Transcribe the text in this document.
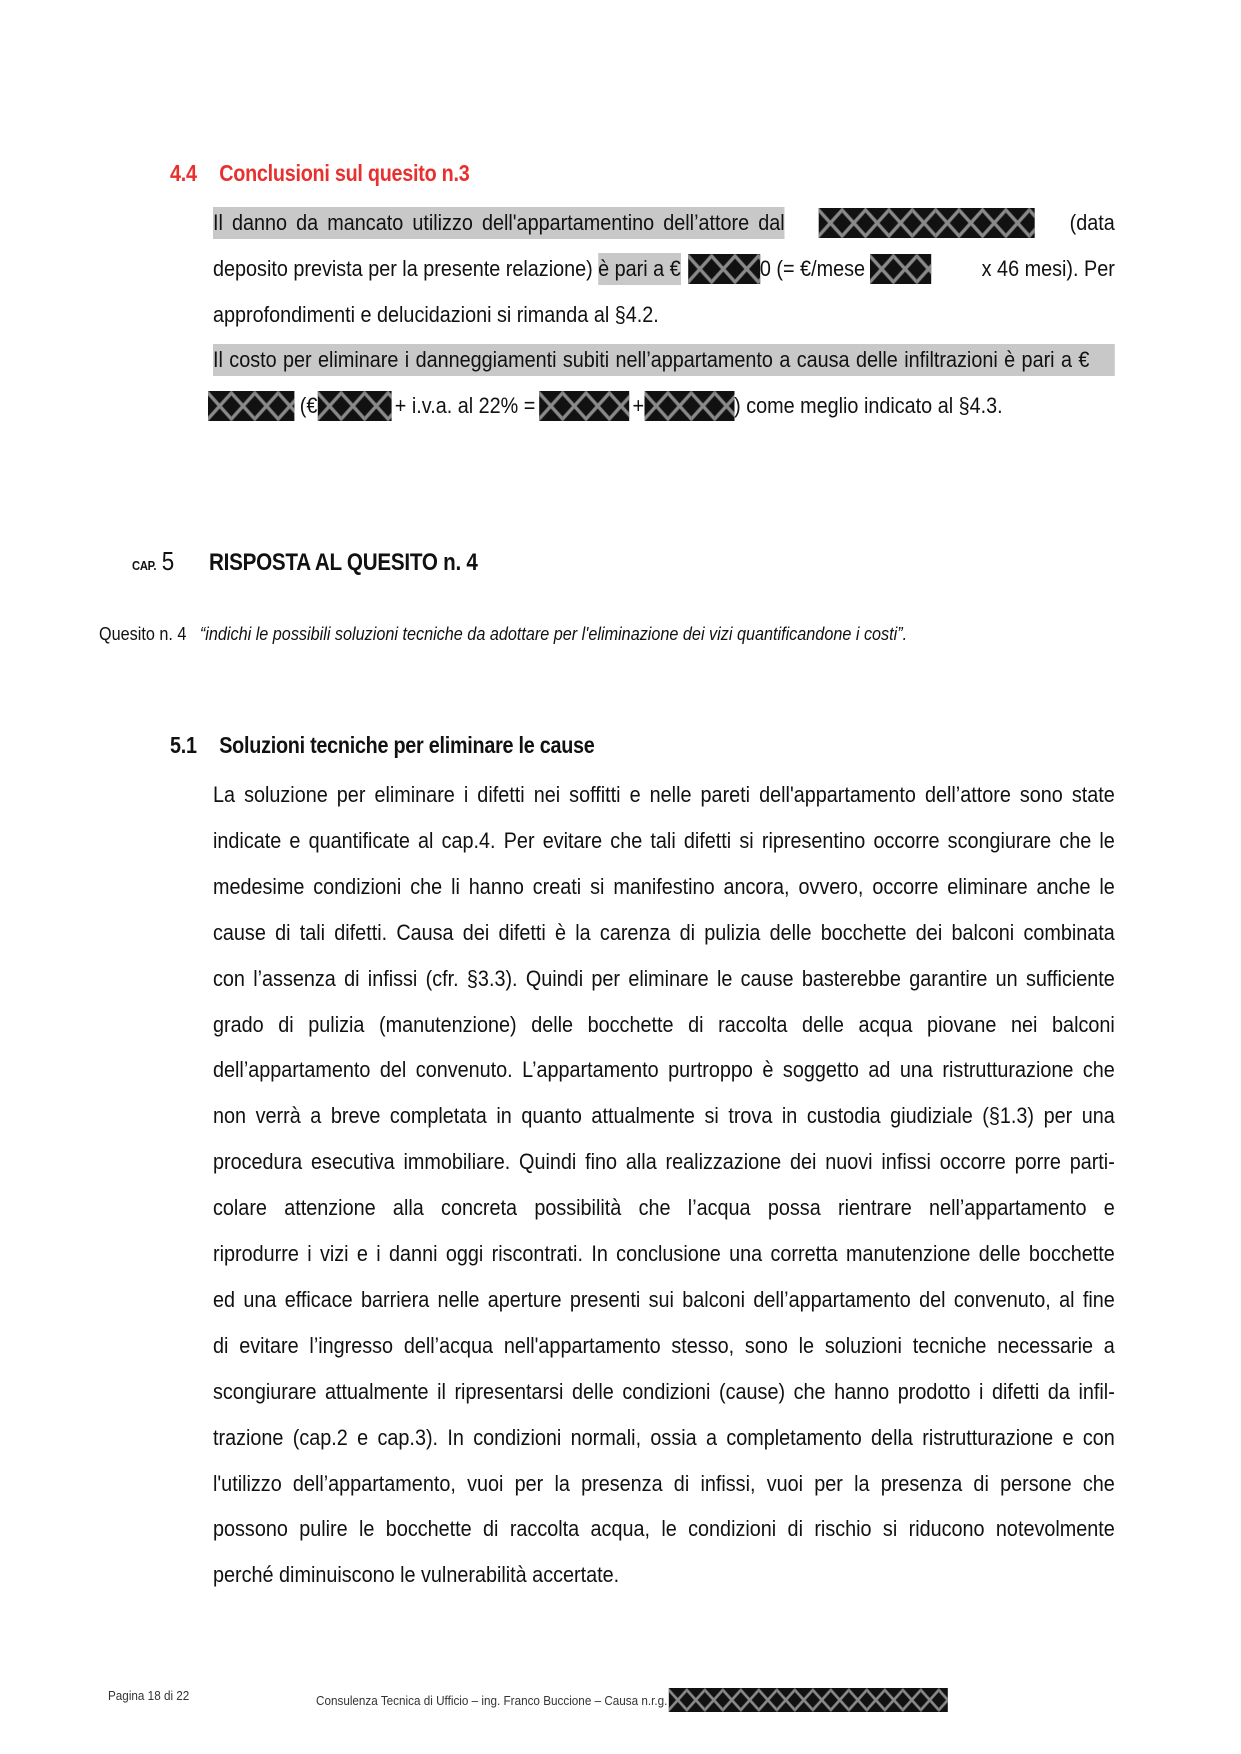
4.4 Conclusioni sul quesito n.3
Il danno da mancato utilizzo dell'appartamentino dell’attore dal	(data
deposito prevista per la presente relazione) è pari a €	0 (= €/mese	x 46 mesi). Per
approfondimenti e delucidazioni si rimanda al §4.2.
Il costo per eliminare i danneggiamenti subiti nell’appartamento a causa delle infiltrazioni è pari a €
(€	+ i.v.a. al 22% =	+	) come meglio indicato al §4.3.
CAP. 5 RISPOSTA AL QUESITO n. 4
Quesito n. 4 “indichi le possibili soluzioni tecniche da adottare per l'eliminazione dei vizi quantificandone i costi”.
5.1 Soluzioni tecniche per eliminare le cause
La soluzione per eliminare i difetti nei soffitti e nelle pareti dell'appartamento dell’attore sono state
indicate e quantificate al cap.4. Per evitare che tali difetti si ripresentino occorre scongiurare che le
medesime condizioni che li hanno creati si manifestino ancora, ovvero, occorre eliminare anche le
cause di tali difetti. Causa dei difetti è la carenza di pulizia delle bocchette dei balconi combinata
con l’assenza di infissi (cfr. §3.3). Quindi per eliminare le cause basterebbe garantire un sufficiente
grado di pulizia (manutenzione) delle bocchette di raccolta delle acqua piovane nei balconi
dell’appartamento del convenuto. L’appartamento purtroppo è soggetto ad una ristrutturazione che
non verrà a breve completata in quanto attualmente si trova in custodia giudiziale (§1.3) per una
procedura esecutiva immobiliare. Quindi fino alla realizzazione dei nuovi infissi occorre porre parti-
colare attenzione alla concreta possibilità che l’acqua possa rientrare nell’appartamento e
riprodurre i vizi e i danni oggi riscontrati. In conclusione una corretta manutenzione delle bocchette
ed una efficace barriera nelle aperture presenti sui balconi dell’appartamento del convenuto, al fine
di evitare l’ingresso dell’acqua nell'appartamento stesso, sono le soluzioni tecniche necessarie a
scongiurare attualmente il ripresentarsi delle condizioni (cause) che hanno prodotto i difetti da infil-
trazione (cap.2 e cap.3). In condizioni normali, ossia a completamento della ristrutturazione e con
l'utilizzo dell’appartamento, vuoi per la presenza di infissi, vuoi per la presenza di persone che
possono pulire le bocchette di raccolta acqua, le condizioni di rischio si riducono notevolmente
perché diminuiscono le vulnerabilità accertate.
Pagina 18 di 22	Consulenza Tecnica di Ufficio – ing. Franco Buccione – Causa n.r.g.
